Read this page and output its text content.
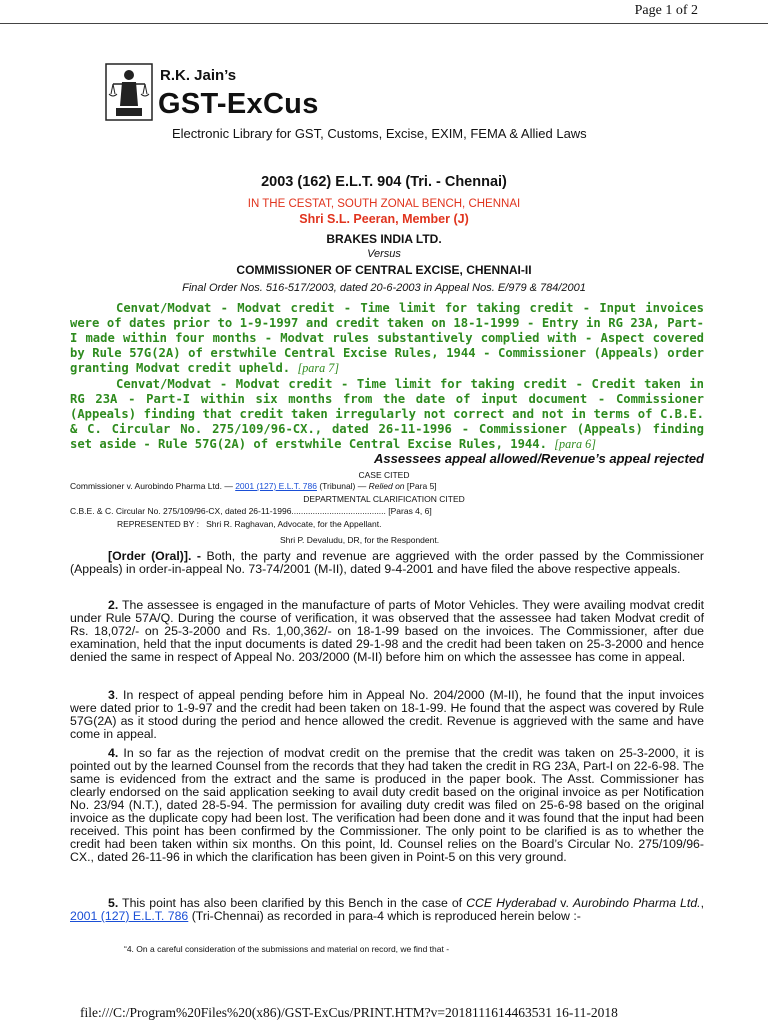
Page 1 of 2
R.K. Jain’s
GST-ExCus
Electronic Library for GST, Customs, Excise, EXIM, FEMA & Allied Laws
2003 (162) E.L.T. 904 (Tri. - Chennai)
IN THE CESTAT, SOUTH ZONAL BENCH, CHENNAI
Shri S.L. Peeran, Member (J)
BRAKES INDIA LTD.
Versus
COMMISSIONER OF CENTRAL EXCISE, CHENNAI-II
Final Order Nos. 516-517/2003, dated 20-6-2003 in Appeal Nos. E/979 & 784/2001

Cenvat/Modvat - Modvat credit - Time limit for taking credit - Input invoices were of dates prior to 1-9-1997 and credit taken on 18-1-1999 - Entry in RG 23A, Part-I made within four months - Modvat rules substantively complied with - Aspect covered by Rule 57G(2A) of erstwhile Central Excise Rules, 1944 - Commissioner (Appeals) order granting Modvat credit upheld. [para 7]

Cenvat/Modvat - Modvat credit - Time limit for taking credit - Credit taken in RG 23A - Part-I within six months from the date of input document - Commissioner (Appeals) finding that credit taken irregularly not correct and not in terms of C.B.E. & C. Circular No. 275/109/96-CX., dated 26-11-1996 - Commissioner (Appeals) finding set aside - Rule 57G(2A) of erstwhile Central Excise Rules, 1944. [para 6]

Assessees appeal allowed/Revenue’s appeal rejected
CASE CITED
Commissioner v. Aurobindo Pharma Ltd. — 2001 (127) E.L.T. 786 (Tribunal) — Relied on [Para 5]
DEPARTMENTAL CLARIFICATION CITED
C.B.E. & C. Circular No. 275/109/96-CX, dated 26-11-1996........................................ [Paras 4, 6]
REPRESENTED BY : Shri R. Raghavan, Advocate, for the Appellant.
Shri P. Devaludu, DR, for the Respondent.

[Order (Oral)]. - Both, the party and revenue are aggrieved with the order passed by the Commissioner (Appeals) in order-in-appeal No. 73-74/2001 (M-II), dated 9-4-2001 and have filed the above respective appeals.

2. The assessee is engaged in the manufacture of parts of Motor Vehicles. They were availing modvat credit under Rule 57A/Q. During the course of verification, it was observed that the assessee had taken Modvat credit of Rs. 18,072/- on 25-3-2000 and Rs. 1,00,362/- on 18-1-99 based on the invoices. The Commissioner, after due examination, held that the input documents is dated 29-1-98 and the credit had been taken on 25-3-2000 and hence denied the same in respect of Appeal No. 203/2000 (M-II) before him on which the assessee has come in appeal.

3. In respect of appeal pending before him in Appeal No. 204/2000 (M-II), he found that the input invoices were dated prior to 1-9-97 and the credit had been taken on 18-1-99. He found that the aspect was covered by Rule 57G(2A) as it stood during the period and hence allowed the credit. Revenue is aggrieved with the same and have come in appeal.

4. In so far as the rejection of modvat credit on the premise that the credit was taken on 25-3-2000, it is pointed out by the learned Counsel from the records that they had taken the credit in RG 23A, Part-I on 22-6-98. The same is evidenced from the extract and the same is produced in the paper book. The Asst. Commissioner has clearly endorsed on the said application seeking to avail duty credit based on the original invoice as per Notification No. 23/94 (N.T.), dated 28-5-94. The permission for availing duty credit was filed on 25-6-98 based on the original invoice as the duplicate copy had been lost. The verification had been done and it was found that the input had been received. This point has been confirmed by the Commissioner. The only point to be clarified is as to whether the credit had been taken within six months. On this point, ld. Counsel relies on the Board’s Circular No. 275/109/96-CX., dated 26-11-96 in which the clarification has been given in Point-5 on this very ground.

5. This point has also been clarified by this Bench in the case of CCE Hyderabad v. Aurobindo Pharma Ltd., 2001 (127) E.L.T. 786 (Tri-Chennai) as recorded in para-4 which is reproduced herein below :-

“4. On a careful consideration of the submissions and material on record, we find that -
file:///C:/Program%20Files%20(x86)/GST-ExCus/PRINT.HTM?v=2018111614463531 16-11-2018
